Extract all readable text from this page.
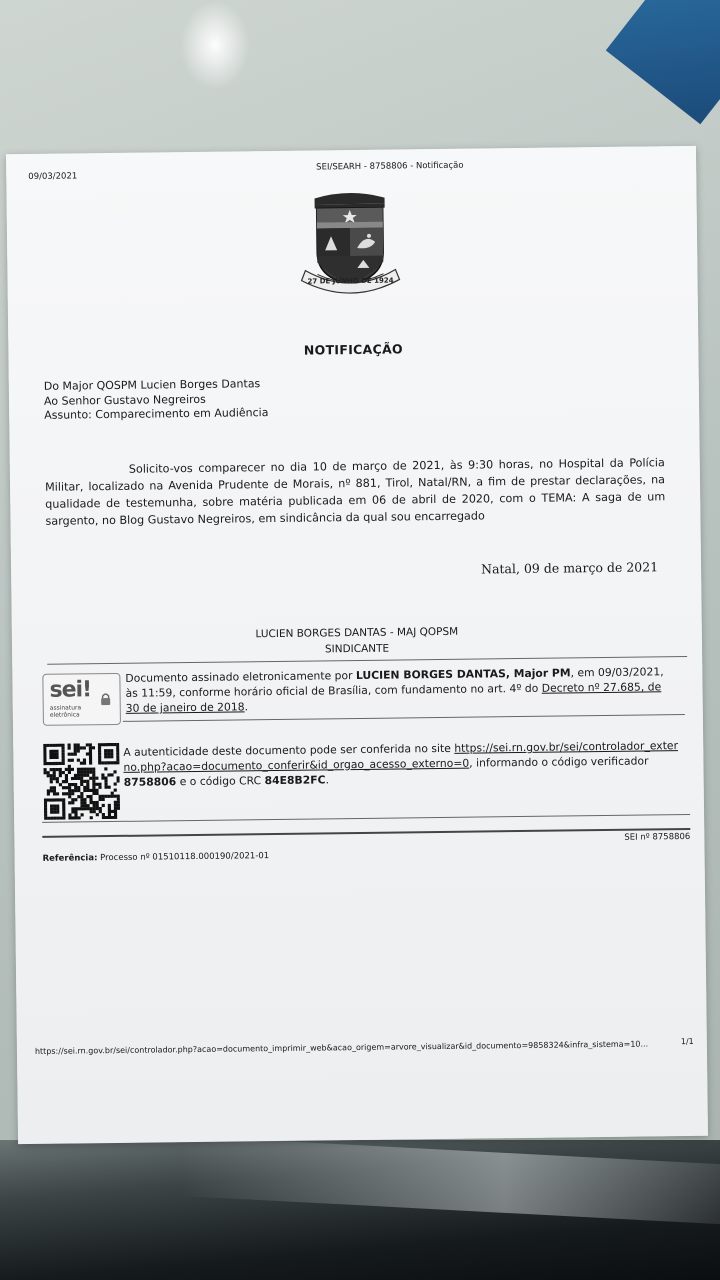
09/03/2021
SEI/SEARH - 8758806 - Notificação
27 DE JUNHO DE 1924
NOTIFICAÇÃO
Do Major QOSPM Lucien Borges Dantas
Ao Senhor Gustavo Negreiros
Assunto: Comparecimento em Audiência
Solicito-vos comparecer no dia 10 de março de 2021, às 9:30 horas, no Hospital da Polícia Militar, localizado na Avenida Prudente de Morais, nº 881, Tirol, Natal/RN, a fim de prestar declarações, na qualidade de testemunha, sobre matéria publicada em 06 de abril de 2020, com o TEMA: A saga de um sargento, no Blog Gustavo Negreiros, em sindicância da qual sou encarregado
Natal, 09 de março de 2021
LUCIEN BORGES DANTAS - MAJ QOPSM
SINDICANTE
sei!
assinatura
eletrônica
Documento assinado eletronicamente por LUCIEN BORGES DANTAS, Major PM, em 09/03/2021, às 11:59, conforme horário oficial de Brasília, com fundamento no art. 4º do Decreto nº 27.685, de 30 de janeiro de 2018.
A autenticidade deste documento pode ser conferida no site https://sei.rn.gov.br/sei/controlador_externo.php?acao=documento_conferir&id_orgao_acesso_externo=0, informando o código verificador 8758806 e o código CRC 84E8B2FC.
Referência: Processo nº 01510118.000190/2021-01
SEI nº 8758806
https://sei.rn.gov.br/sei/controlador.php?acao=documento_imprimir_web&acao_origem=arvore_visualizar&id_documento=9858324&infra_sistema=10...	1/1
